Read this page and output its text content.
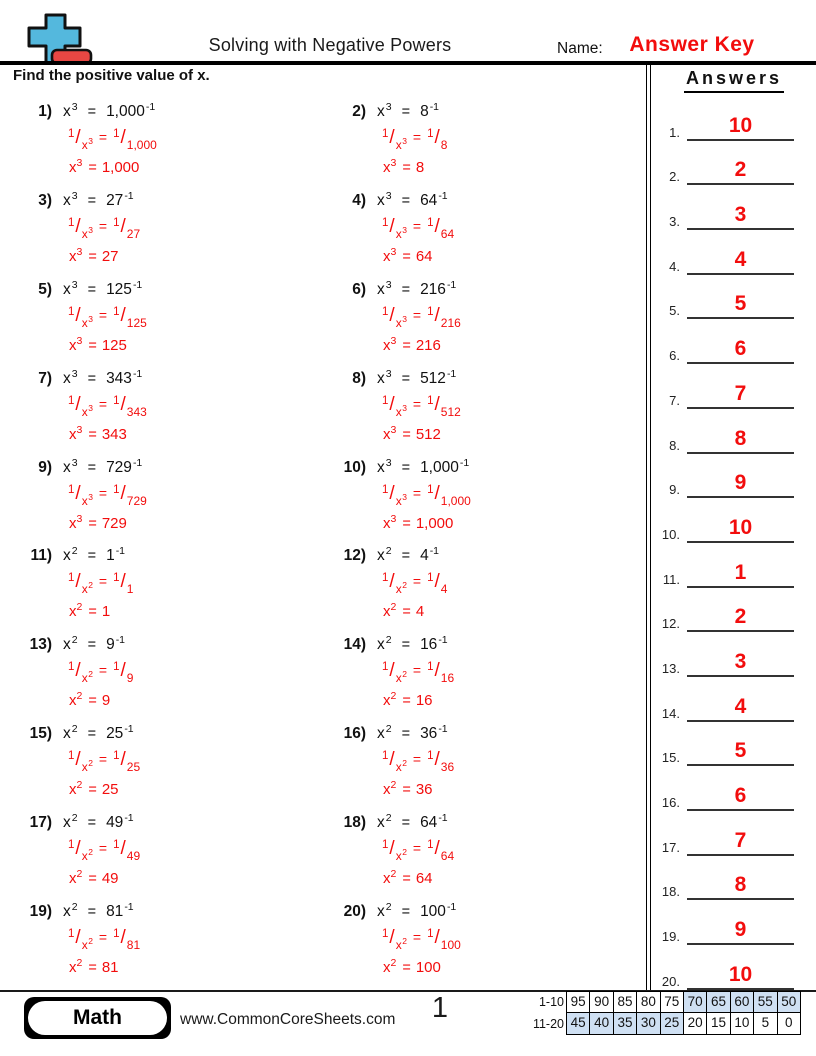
Solving with Negative Powers	Name:	Answer Key
Find the positive value of x.
1) $x^3 = 1,000^{-1}$
$^1/_{x^3} = ^1/_{1,000}$
$x^3 = 1,000$
2) $x^3 = 8^{-1}$
$^1/_{x^3} = ^1/_8$
$x^3 = 8$
3) $x^3 = 27^{-1}$
$^1/_{x^3} = ^1/_{27}$
$x^3 = 27$
4) $x^3 = 64^{-1}$
$^1/_{x^3} = ^1/_{64}$
$x^3 = 64$
5) $x^3 = 125^{-1}$
$^1/_{x^3} = ^1/_{125}$
$x^3 = 125$
6) $x^3 = 216^{-1}$
$^1/_{x^3} = ^1/_{216}$
$x^3 = 216$
7) $x^3 = 343^{-1}$
$^1/_{x^3} = ^1/_{343}$
$x^3 = 343$
8) $x^3 = 512^{-1}$
$^1/_{x^3} = ^1/_{512}$
$x^3 = 512$
9) $x^3 = 729^{-1}$
$^1/_{x^3} = ^1/_{729}$
$x^3 = 729$
10) $x^3 = 1,000^{-1}$
$^1/_{x^3} = ^1/_{1,000}$
$x^3 = 1,000$
11) $x^2 = 1^{-1}$
$^1/_{x^2} = ^1/_1$
$x^2 = 1$
12) $x^2 = 4^{-1}$
$^1/_{x^2} = ^1/_4$
$x^2 = 4$
13) $x^2 = 9^{-1}$
$^1/_{x^2} = ^1/_9$
$x^2 = 9$
14) $x^2 = 16^{-1}$
$^1/_{x^2} = ^1/_{16}$
$x^2 = 16$
15) $x^2 = 25^{-1}$
$^1/_{x^2} = ^1/_{25}$
$x^2 = 25$
16) $x^2 = 36^{-1}$
$^1/_{x^2} = ^1/_{36}$
$x^2 = 36$
17) $x^2 = 49^{-1}$
$^1/_{x^2} = ^1/_{49}$
$x^2 = 49$
18) $x^2 = 64^{-1}$
$^1/_{x^2} = ^1/_{64}$
$x^2 = 64$
19) $x^2 = 81^{-1}$
$^1/_{x^2} = ^1/_{81}$
$x^2 = 81$
20) $x^2 = 100^{-1}$
$^1/_{x^2} = ^1/_{100}$
$x^2 = 100$
Answers
1. 10
2.	2
3.	3
4.	4
5.	5
6.	6
7.	7
8.	8
9.	9
10. 10
11.	1
12.	2
13.	3
14.	4
15.	5
16.	6
17.	7
18.	8
19.	9
20. 10
Math	www.CommonCoreSheets.com	1	1-10 95 90 85 80 75 70 65 60 55 50
11-20 45 40 35 30 25 20 15 10 5	0
